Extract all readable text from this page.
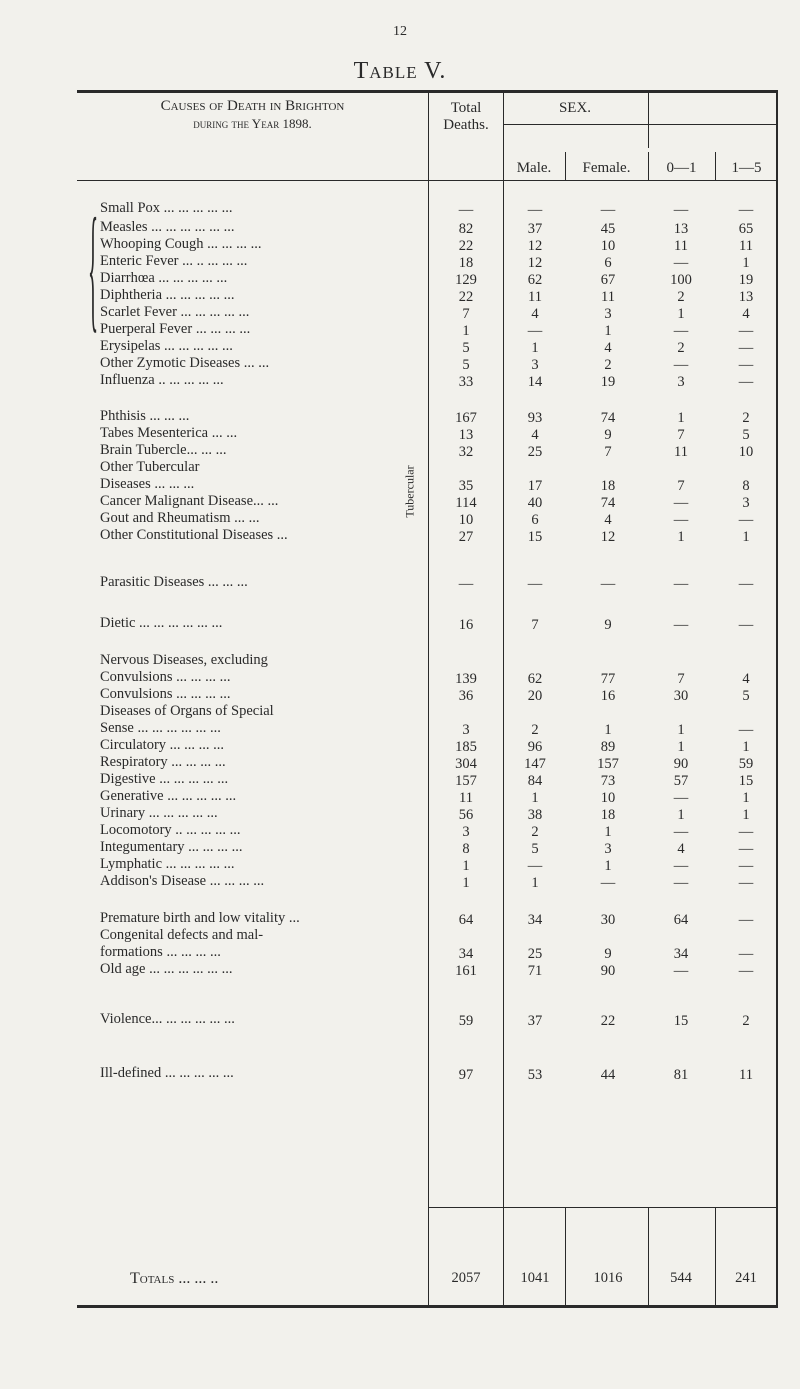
12
Table V.
Causes of Death in Brighton
during the Year 1898.
Total
Deaths.
SEX.
Male.	Female.	0—1	1—5
{
Tubercular
Small Pox ... ... ... ... ...	—	—	—	—	—
Measles ... ... ... ... ... ...	82	37	45	13	65
Whooping Cough ... ... ... ...	22	12	10	11	11
Enteric Fever ... .. ... ... ...	18	12	6	—	1
Diarrhœa ... ... ... ... ...	129	62	67	100	19
Diphtheria ... ... ... ... ...	22	11	11	2	13
Scarlet Fever ... ... ... ... ...	7	4	3	1	4
Puerperal Fever ... ... ... ...	1	—	1	—	—
Erysipelas ... ... ... ... ...	5	1	4	2	—
Other Zymotic Diseases ... ...	5	3	2	—	—
Influenza .. ... ... ... ...	33	14	19	3	—
Phthisis ... ... ...	167	93	74	1	2
Tabes Mesenterica ... ...	13	4	9	7	5
Brain Tubercle... ... ...	32	25	7	11	10
Other Tubercular
Diseases ... ... ...	35	17	18	7	8
Cancer Malignant Disease... ...	114	40	74	—	3
Gout and Rheumatism ... ...	10	6	4	—	—
Other Constitutional Diseases ...	27	15	12	1	1
Parasitic Diseases ... ... ...	—	—	—	—	—
Dietic ... ... ... ... ... ...	16	7	9	—	—
Nervous Diseases, excluding
Convulsions ... ... ... ...	139	62	77	7	4
Convulsions ... ... ... ...	36	20	16	30	5
Diseases of Organs of Special
Sense ... ... ... ... ... ...	3	2	1	1	—
Circulatory ... ... ... ...	185	96	89	1	1
Respiratory ... ... ... ...	304	147	157	90	59
Digestive ... ... ... ... ...	157	84	73	57	15
Generative ... ... ... ... ...	11	1	10	—	1
Urinary ... ... ... ... ...	56	38	18	1	1
Locomotory .. ... ... ... ...	3	2	1	—	—
Integumentary ... ... ... ...	8	5	3	4	—
Lymphatic ... ... ... ... ...	1	—	1	—	—
Addison's Disease ... ... ... ...	1	1	—	—	—
Premature birth and low vitality ...	64	34	30	64	—
Congenital defects and mal-
formations ... ... ... ...	34	25	9	34	—
Old age ... ... ... ... ... ...	161	71	90	—	—
Violence... ... ... ... ... ...	59	37	22	15	2
Ill-defined ... ... ... ... ...	97	53	44	81	11
Totals ... ... ..	2057	1041	1016	544	241
